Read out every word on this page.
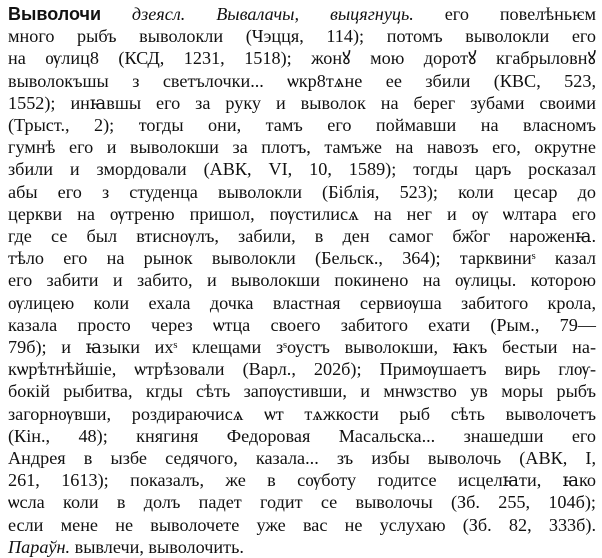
Выволочи дзеясл. Вывалачы, выцягнуць. его повелѣньѥм
много рыбъ выволокли (Чэцця, 114); потомъ выволокли его
на ѹлиц8 (КСД, 1231, 1518); жонꙋ мою доротꙋ кгабрыловнꙋ
выволокъшы з светълочки... ѡкр8тѧне ее збили (КВС, 523,
1552); инꙗвшы его за руку и выволок на берег зубами своими
(Трыст., 2); тогды они, тамъ его поймавши на власномъ
гумнѣ его и выволокши за плотъ, тамъже на навозъ его, окрутне
збили и змордовали (АВК, VI, 10, 1589); тогды царъ росказал
абы его з студенца выволокли (Біблія, 523); коли цесар до
церкви на ѹтреню пришол, пѹстилисѧ на нег и ѹ ѡлтара его
где се был втиснѹлъ, забили, в ден самог бж҃ог нароженꙗ.
тѣло его на рынок выволокли (Бельск., 364); тарквиниˢ казал
его забити и забито, и выволокши покинено на ѹлицы. которою
ѹлицею коли ехала дочка властная сервиѹша забитого крола,
казала просто через ѡтца своего забитого ехати (Рым., 79—
79б); и ꙗзыки ихˢ клещами зˢоустъ выволокши, ꙗкъ бестыи на-
кѡрѣтнѣйшіе, ѡтрѣзовали (Варл., 202б); Примѹшаетъ вирь глѹ-
бокій рыбитва, кгды сѣть запѹстивши, и мнѡзство ув моры рыбъ
загорнѹвши, роздираючисѧ ѡт тѧжкости рыб сѣть выволочетъ
(Кін., 48); княгиня Федоровая Масальска... знашедши его
Андрея в ызбе седячого, казала... зъ избы выволочь (АВК, I,
261, 1613); показалъ, же в сѹботу годитсе исцелꙗти, ꙗко
ѡсла коли в долъ падет годит се выволочы (Зб. 255, 104б);
если мене не выволочете уже вас не услухаю (Зб. 82, 333б).
Параўн. вывлечи, выволочить.
